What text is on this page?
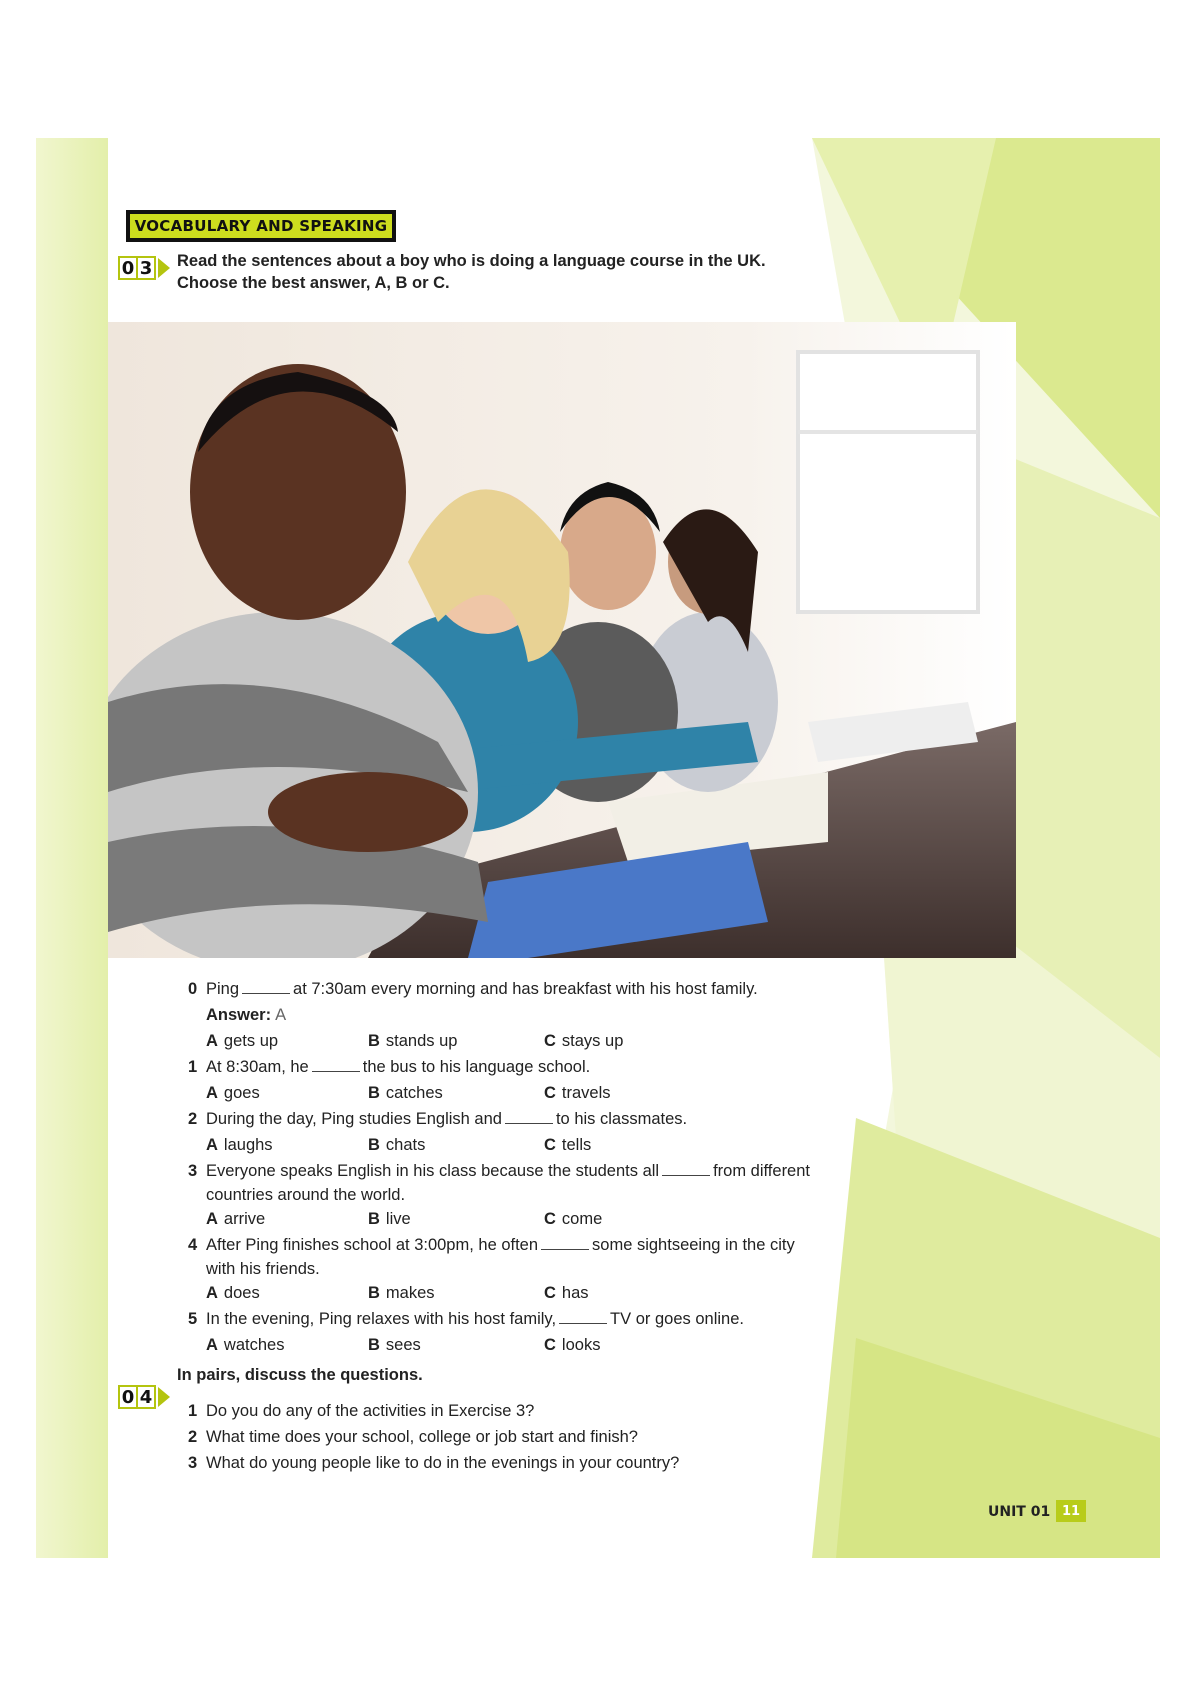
VOCABULARY AND SPEAKING
0 3 Read the sentences about a boy who is doing a language course in the UK.
Choose the best answer, A, B or C.
0 Ping	at 7:30am every morning and has breakfast with his host family.
Answer: A
A gets up	B stands up	C stays up
1 At 8:30am, he	the bus to his language school.
A goes	B catches	C travels
2 During the day, Ping studies English and	to his classmates.
A laughs	B chats	C tells
3 Everyone speaks English in his class because the students all	from different
countries around the world.
A arrive	B live	C come
4 After Ping finishes school at 3:00pm, he often	some sightseeing in the city
with his friends.
A does	B makes	C has
5 In the evening, Ping relaxes with his host family,	TV or goes online.
A watches	B sees	C looks
0 4
In pairs, discuss the questions.
1 Do you do any of the activities in Exercise 3?
2 What time does your school, college or job start and finish?
3 What do young people like to do in the evenings in your country?
UNIT 01 11
